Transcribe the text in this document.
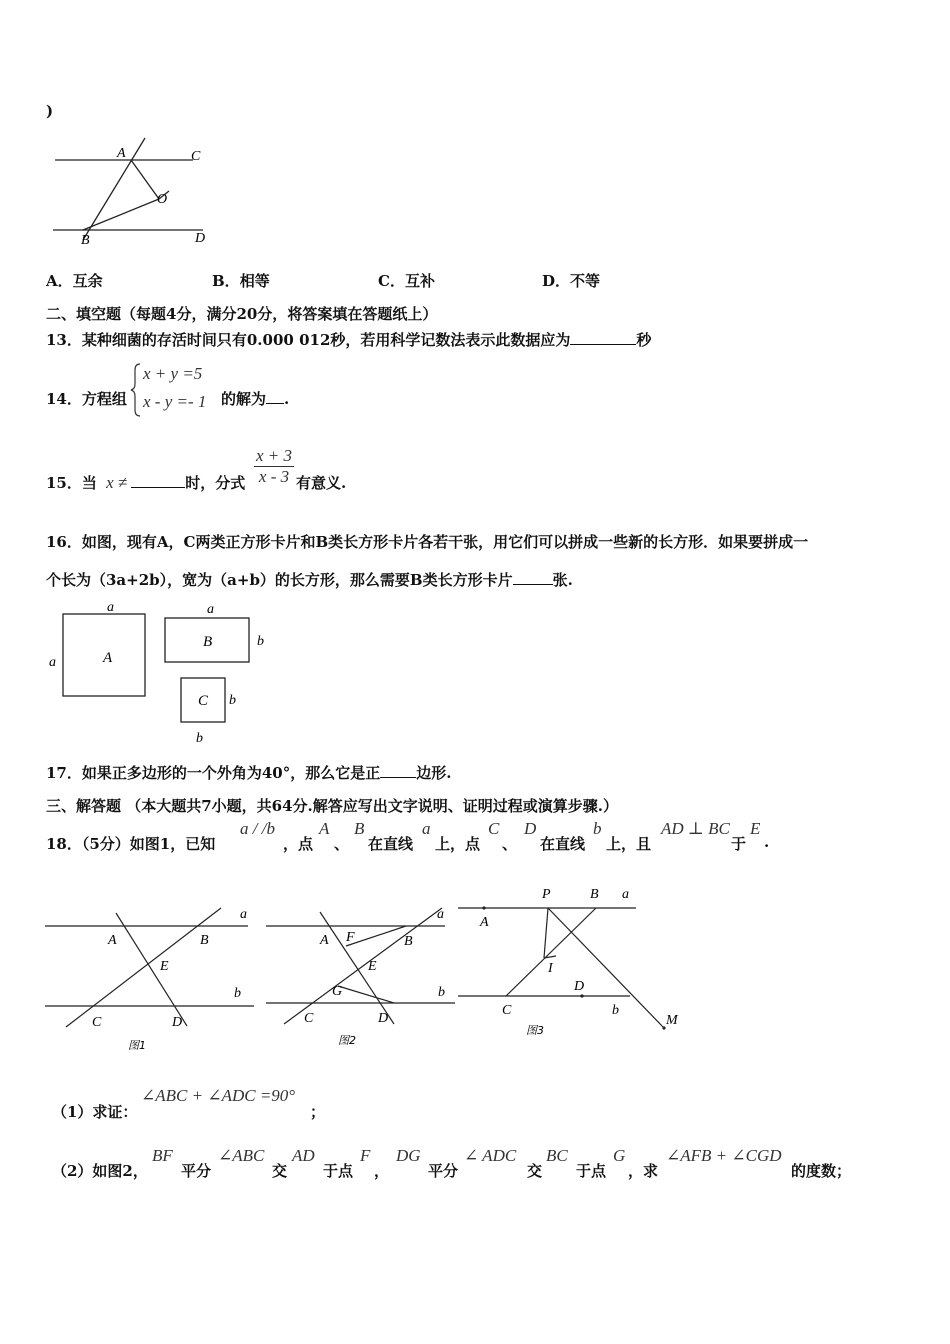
)
A	C
O
B	D
A．互余	B．相等	C．互补	D．不等
二、填空题（每题4分，满分20分，将答案填在答题纸上）
13．某种细菌的存活时间只有0.000 012秒，若用科学记数法表示此数据应为	秒
14．方程组
x + y =5
x - y =- 1 的解为 .
15．当 x ≠	时，分式 $\frac{x + 3}{x - 3}$ 有意义.
16．如图，现有A，C两类正方形卡片和B类长方形卡片各若干张，用它们可以拼成一些新的长方形．如果要拼成一
个长为（3a+2b），宽为（a+b）的长方形，那么需要B类长方形卡片	张.
a
a	A
a
B	b
C b
b
17．如果正多边形的一个外角为40°，那么它是正 边形.
三、解答题 （本大题共7小题，共64分.解答应写出文字说明、证明过程或演算步骤.）
18．（5分）如图1，已知
a / /b
，点
A
、
B
在直线
a
上，点
C
、
D
在直线
b
上，且
AD ⊥ BC
于
E
.
a
A	B
E
b
C	D
图1
a
A F	B
E
G	b
C	D
图2
P	B a
A
I
D
C	b
M
图3
（1）求证：
∠ABC + ∠ADC =90°
；
（2）如图2，
BF
平分
∠ABC
交
AD
于点
F
，
DG
平分
∠ ADC
交
BC
于点
G
，求
∠AFB + ∠CGD
的度数；
